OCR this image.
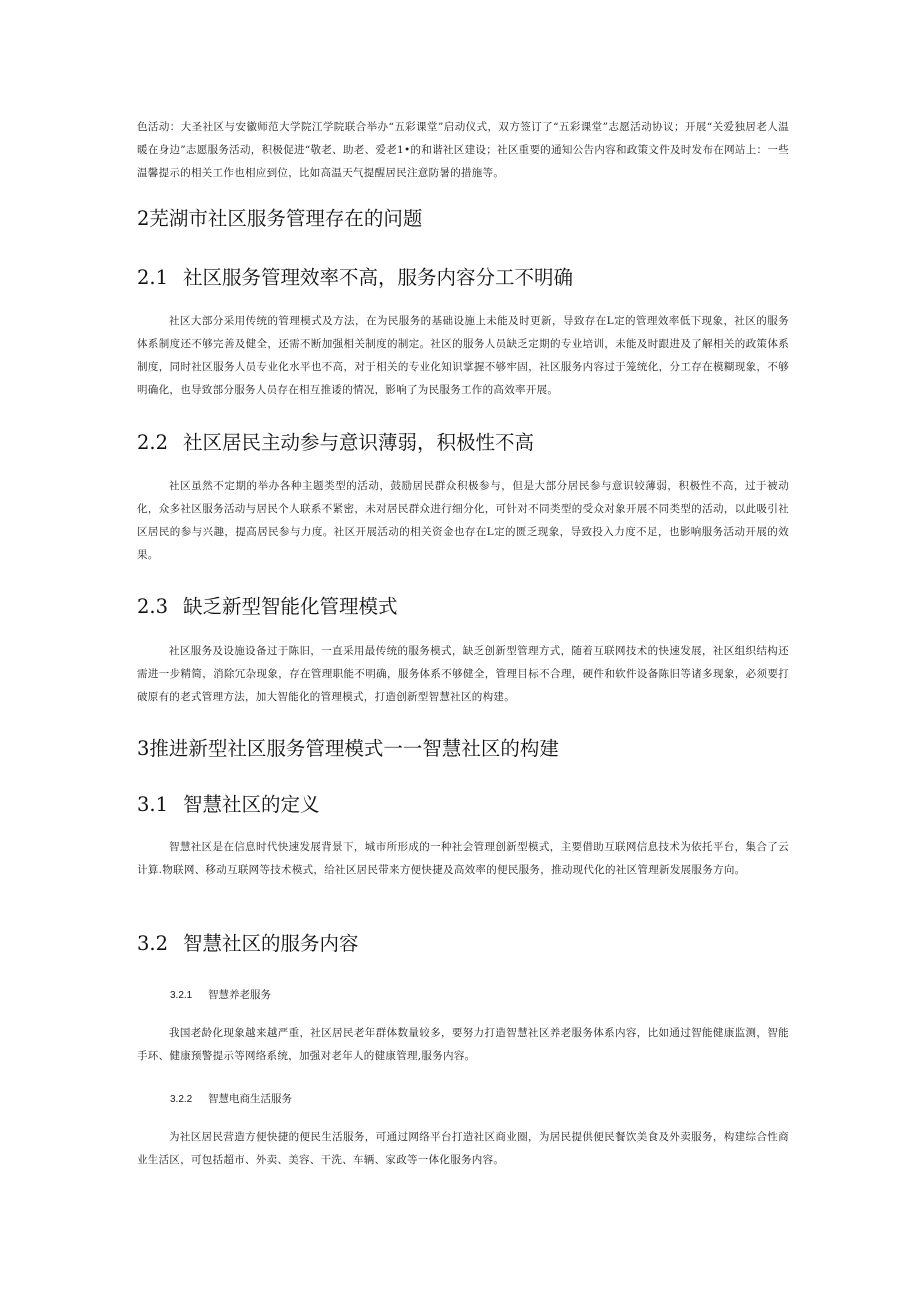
色活动：大圣社区与安徽师范大学院江学院联合举办“五彩课堂”启动仪式，双方签订了“五彩课堂”志愿活动协议；开展“关爱独居老人温暖在身边”志愿服务活动，积极促进“敬老、助老、爱老1•的和谐社区建设；社区重要的通知公告内容和政策文件及时发布在网站上：一些温馨提示的相关工作也相应到位，比如高温天气提醒居民注意防暑的措施等。

2芜湖市社区服务管理存在的问题
2.1 社区服务管理效率不高，服务内容分工不明确

社区大部分采用传统的管理模式及方法，在为民服务的基础设施上未能及时更新，导致存在L定的管理效率低下现象，社区的服务体系制度还不够完善及健全，还需不断加强相关制度的制定。社区的服务人员缺乏定期的专业培训，未能及时跟进及了解相关的政策体系制度，同时社区服务人员专业化水平也不高，对于相关的专业化知识掌握不够牢固，社区服务内容过于笼统化，分工存在模糊现象，不够明确化，也导致部分服务人员存在相互推诿的情况，影响了为民服务工作的高效率开展。

2.2 社区居民主动参与意识薄弱，积极性不高

社区虽然不定期的举办各种主题类型的活动，鼓励居民群众积极参与，但是大部分居民参与意识较薄弱，积极性不高，过于被动化，众多社区服务活动与居民个人联系不紧密，未对居民群众进行细分化，可针对不同类型的受众对象开展不同类型的活动，以此吸引社区居民的参与兴趣，提高居民参与力度。社区开展活动的相关资金也存在L定的匮乏现象，导致投入力度不足，也影响服务活动开展的效果。

2.3 缺乏新型智能化管理模式

社区服务及设施设备过于陈旧，一直采用最传统的服务模式，缺乏创新型管理方式，随着互联网技术的快速发展，社区组织结构还需进一步精简，消除冗杂现象，存在管理职能不明确，服务体系不够健全，管理目标不合理，硬件和软件设备陈旧等诸多现象，必须要打破原有的老式管理方法，加大智能化的管理模式，打造创新型智慧社区的构建。

3推进新型社区服务管理模式一一智慧社区的构建
3.1 智慧社区的定义

智慧社区是在信息时代快速发展背景下，城市所形成的一种社会管理创新型模式，主要借助互联网信息技术为依托平台，集合了云计算.物联网、移动互联网等技术模式，给社区居民带来方便快捷及高效率的便民服务，推动现代化的社区管理新发展服务方向。

3.2 智慧社区的服务内容
3.2.1 智慧养老服务

我国老龄化现象越来越严重，社区居民老年群体数量较多，要努力打造智慧社区养老服务体系内容，比如通过智能健康监测，智能手环、健康预警提示等网络系统，加强对老年人的健康管理,服务内容。

3.2.2 智慧电商生活服务

为社区居民营造方便快捷的便民生活服务，可通过网络平台打造社区商业圈，为居民提供便民餐饮美食及外卖服务，构建综合性商业生活区，可包括超市、外卖、美容、干洗、车辆、家政等一体化服务内容。
